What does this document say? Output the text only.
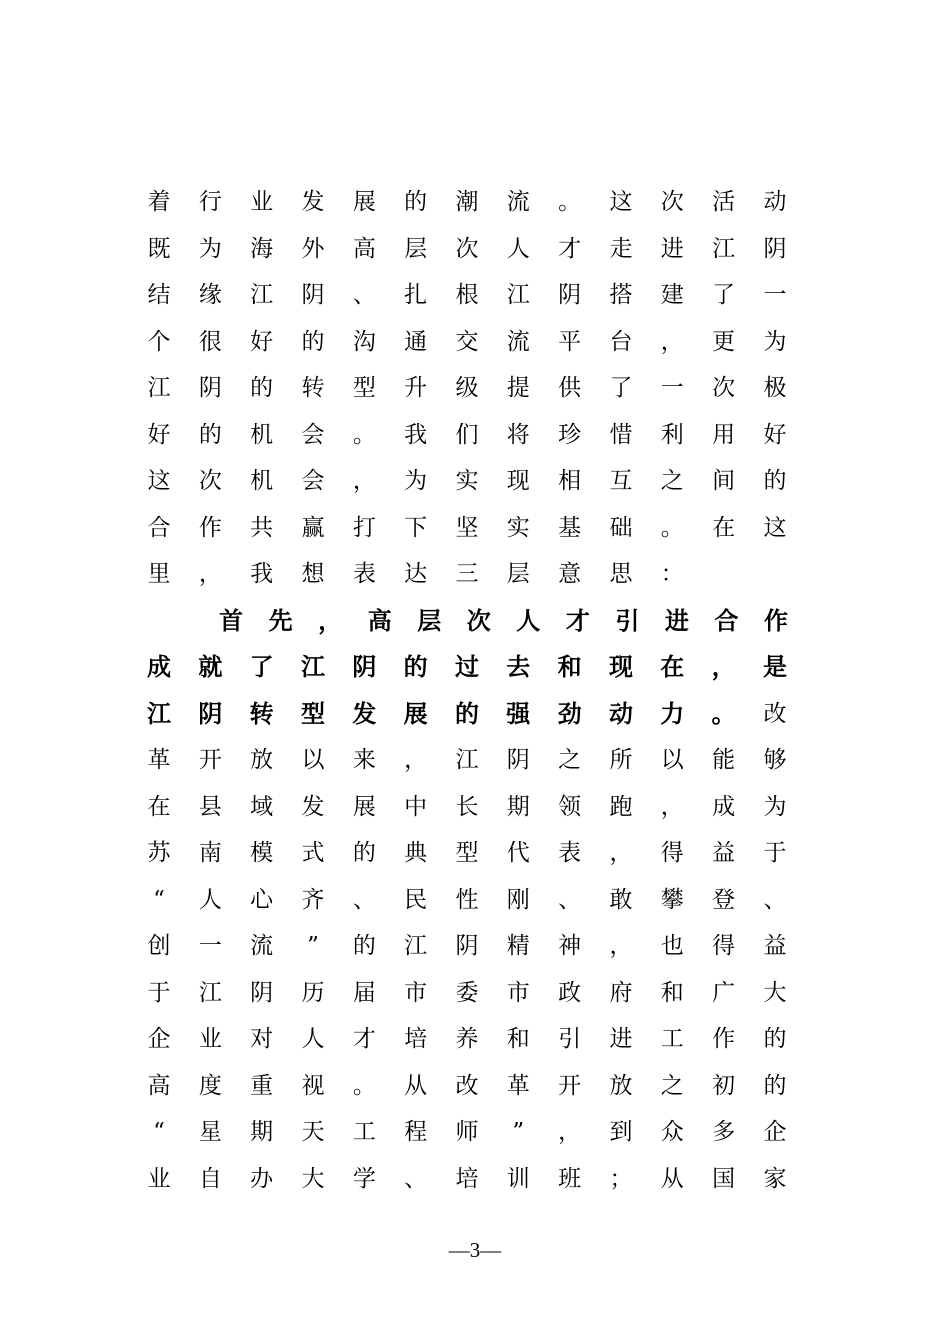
着 行 业 发 展 的 潮 流 。 这 次 活 动
既 为 海 外 高 层 次 人 才 走 进 江 阴
结 缘 江 阴 、 扎 根 江 阴 搭 建 了 一
个 很 好 的 沟 通 交 流 平 台 ， 更 为
江 阴 的 转 型 升 级 提 供 了 一 次 极
好 的 机 会 。 我 们 将 珍 惜 利 用 好
这 次 机 会 ， 为 实 现 相 互 之 间 的
合 作 共 赢 打 下 坚 实 基 础 。 在 这
里 ， 我 想 表 达 三 层 意 思 ：
首 先 ， 高 层 次 人 才 引 进 合 作
成 就 了 江 阴 的 过 去 和 现 在 ， 是
江 阴 转 型 发 展 的 强 劲 动 力 。 改
革 开 放 以 来 ， 江 阴 之 所 以 能 够
在 县 域 发 展 中 长 期 领 跑 ， 成 为
苏 南 模 式 的 典 型 代 表 ， 得 益 于
“	人 心 齐 、 民 性 刚 、 敢 攀 登 、
创 一 流	”	的 江 阴 精 神 ， 也 得 益
于 江 阴 历 届 市 委 市 政 府 和 广 大
企 业 对 人 才 培 养 和 引 进 工 作 的
高 度 重 视 。 从 改 革 开 放 之 初 的
“	星 期 天 工 程 师	”	， 到 众 多 企
业 自 办 大 学 、 培 训 班 ； 从 国 家
—3—
